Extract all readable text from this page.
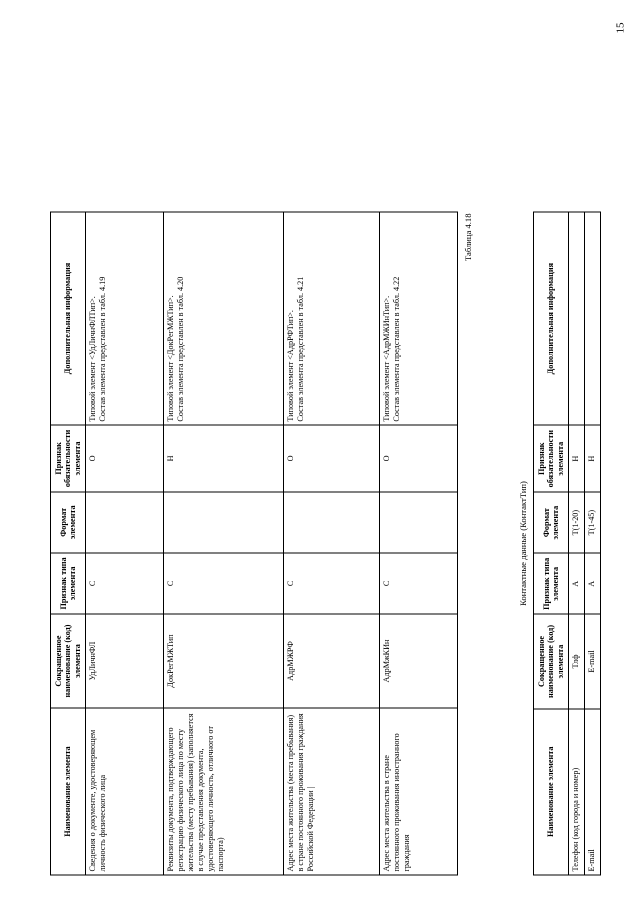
15
Наименование элемента	Сокращенное наименование (код) элемента	Признак типа элемента	Формат элемента	Признак обязательности элемента	Дополнительная информация
Сведения о документе, удостоверяющем личность физического лица	УдЛичнФЛ	С		О	Типовой элемент <УдЛичнФЛТип>. Состав элемента представлен в табл. 4.19

Реквизиты документа, подтверждающего регистрацию физического лица по месту жительства (месту пребывания) (заполняется в случае представления документа, удостоверяющего личность, отличного от паспорта)	ДокРегМЖТип	С		Н	Типовой элемент <ДокРегМЖТип>. Состав элемента представлен в табл. 4.20

Адрес места жительства (места пребывания) в стране постоянного проживания граждания Российской Федерации |	АдрМЖРФ	С		О	Типовой элемент <АдрРФТип>. Состав элемента представлен в табл. 4.21

Адрес места жительства в стране постоянного проживания иностранного граждания	АдрМжКИн	С		О	Типовой элемент <АдрМЖИнТип>. Состав элемента представлен в табл. 4.22
Таблица 4.18
Контактные данные (КонтактТип)
Наименование элемента	Сокращенное наименование (код) элемента	Признак типа элемента	Формат элемента	Признак обязательности элемента	Дополнительная информация
Телефон (код города и номер)	Тлф	А	Т(1-20)	Н	
E-mail	E-mail	А	Т(1-45)	Н	
